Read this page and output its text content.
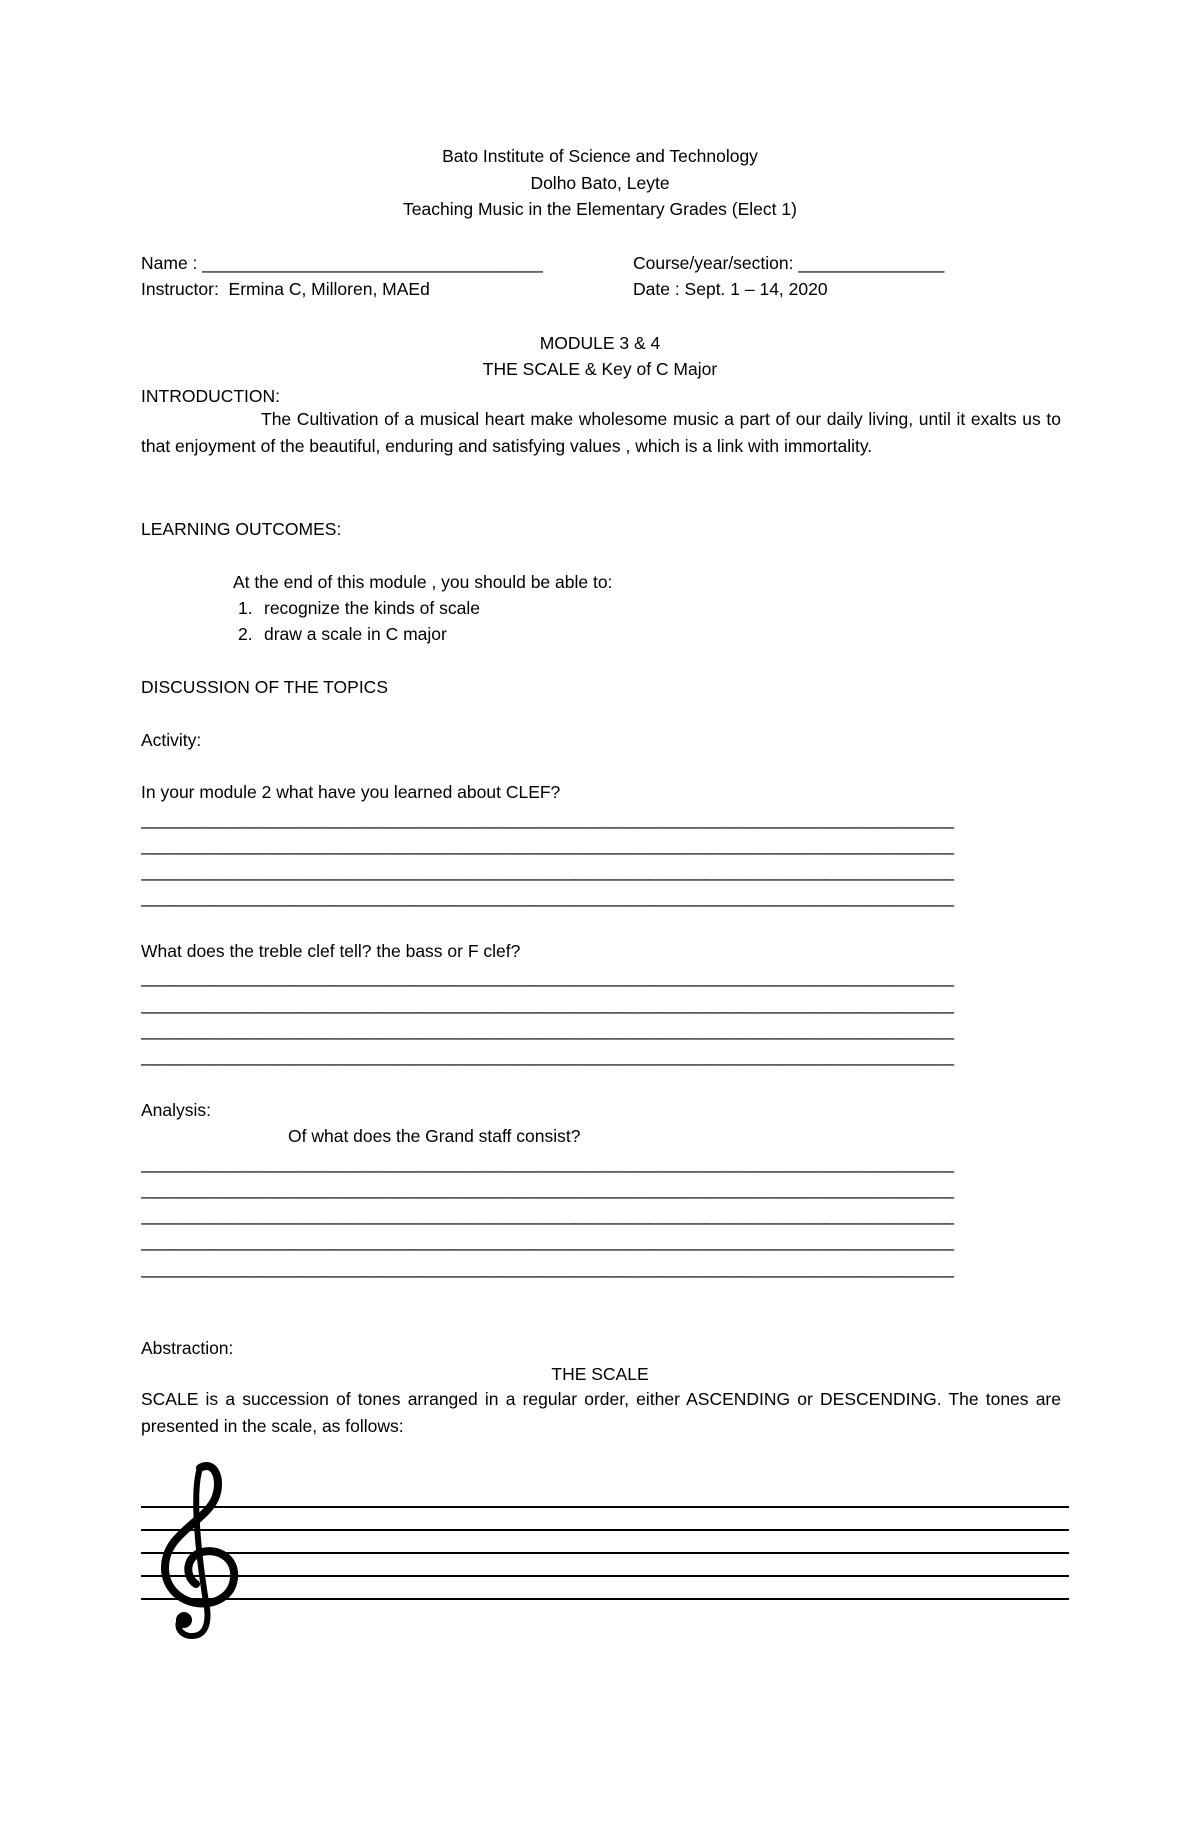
Bato Institute of Science and Technology
Dolho Bato, Leyte
Teaching Music in the Elementary Grades (Elect 1)
Name : ___________________________________	Course/year/section: _______________
Instructor:  Ermina C, Milloren, MAEd	Date : Sept. 1 – 14, 2020
MODULE 3 & 4
THE SCALE & Key of C Major
INTRODUCTION:
The Cultivation of a musical heart make wholesome music a part of our daily living, until it exalts us to that enjoyment of the beautiful, enduring and satisfying values , which is a link with immortality.
LEARNING OUTCOMES:
At the end of this module , you should be able to:
1. recognize the kinds of scale
2. draw a scale in C major
DISCUSSION OF THE TOPICS
Activity:
In your module 2 what have you learned about CLEF?
________________________________________________________________________________________
________________________________________________________________________________________
________________________________________________________________________________________
________________________________________________________________________________________
What does the treble clef tell? the bass or F clef?
________________________________________________________________________________________
________________________________________________________________________________________
________________________________________________________________________________________
________________________________________________________________________________________
Analysis:
Of what does the Grand staff consist?
________________________________________________________________________________________
________________________________________________________________________________________
________________________________________________________________________________________
________________________________________________________________________________________
________________________________________________________________________________________
Abstraction:
THE SCALE
SCALE is a succession of tones arranged in a regular order, either ASCENDING or DESCENDING. The tones are presented in the scale, as follows:
